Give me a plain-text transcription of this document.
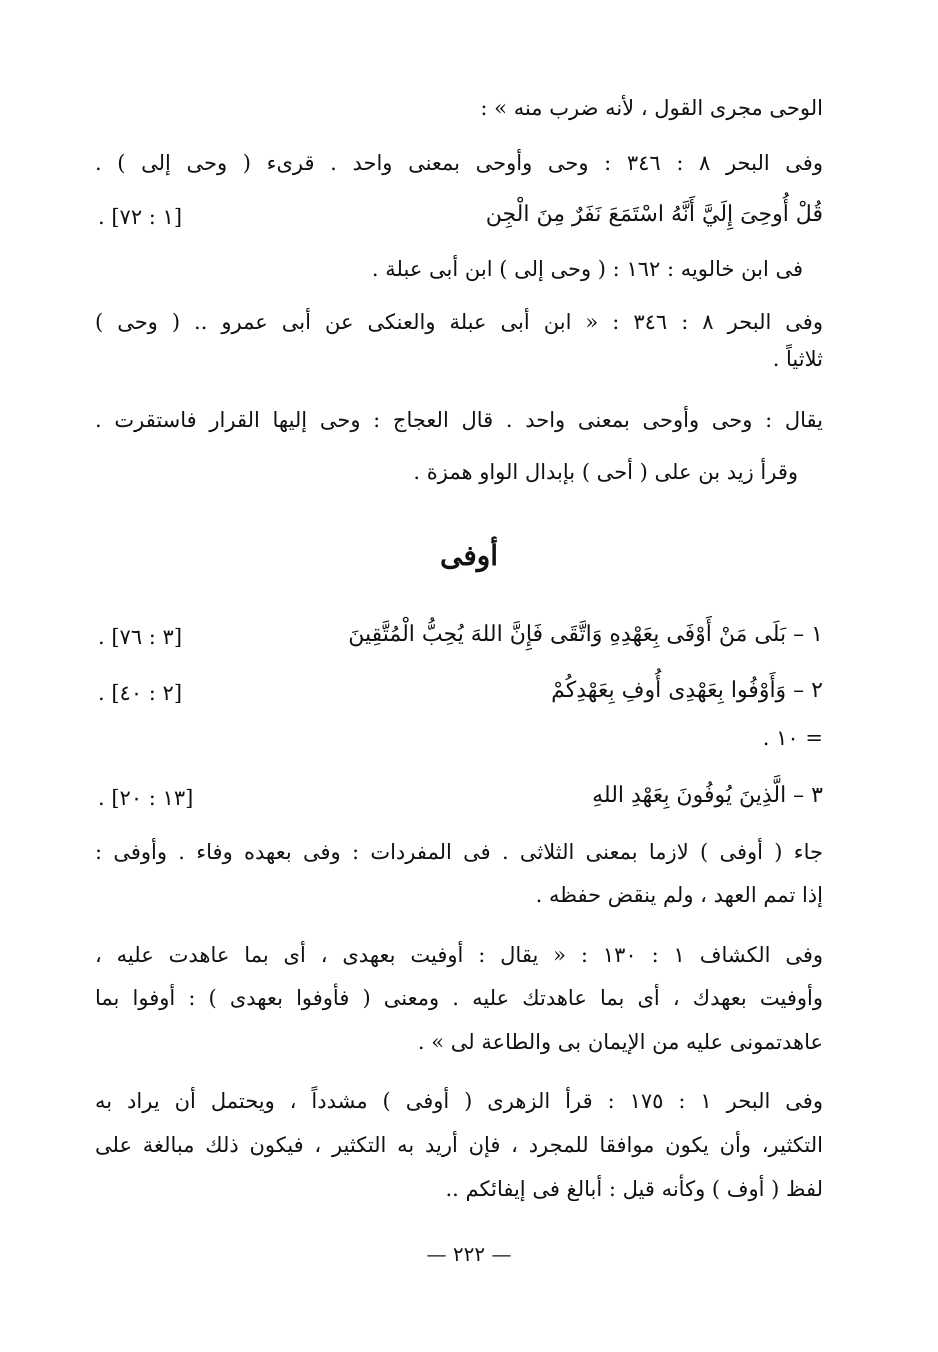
الوحى مجرى القول ، لأنه ضرب منه » :
وفى البحر ٨ : ٣٤٦ : وحى وأوحى بمعنى واحد . قرىء ( وحى إلى ) .
قُلْ أُوحِىَ إِلَيَّ أَنَّهُ اسْتَمَعَ نَفَرٌ مِنَ الْجِن
. [١ : ٧٢]
فى ابن خالويه : ١٦٢ : ( وحى إلى ) ابن أبى عبلة .
وفى البحر ٨ : ٣٤٦ : « ابن أبى عبلة والعنكى عن أبى عمرو .. ( وحى )
ثلاثياً .
يقال : وحى وأوحى بمعنى واحد . قال العجاج : وحى إليها القرار فاستقرت .
وقرأ زيد بن على ( أحى ) بإبدال الواو همزة .
أوفى
١ – بَلَى مَنْ أَوْفَى بِعَهْدِهِ وَاتَّقَى فَإِنَّ اللهَ يُحِبُّ الْمُتَّقِينَ
. [٣ : ٧٦]
٢ – وَأَوْفُوا بِعَهْدِى أُوفِ بِعَهْدِكُمْ
. [٢ : ٤٠]
= ١٠ .
٣ – الَّذِينَ يُوفُونَ بِعَهْدِ اللهِ
. [١٣ : ٢٠]
جاء ( أوفى ) لازما بمعنى الثلاثى . فى المفردات : وفى بعهده وفاء . وأوفى :
إذا تمم العهد ، ولم ينقض حفظه .
وفى الكشاف ١ : ١٣٠ : « يقال : أوفيت بعهدى ، أى بما عاهدت عليه ،
وأوفيت بعهدك ، أى بما عاهدتك عليه . ومعنى ( فأوفوا بعهدى ) : أوفوا بما
عاهدتمونى عليه من الإيمان بى والطاعة لى » .
وفى البحر ١ : ١٧٥ : قرأ الزهرى ( أوفى ) مشدداً ، ويحتمل أن يراد به
التكثير، وأن يكون موافقا للمجرد ، فإن أريد به التكثير ، فيكون ذلك مبالغة على
لفظ ( أوف ) وكأنه قيل : أبالغ فى إيفائكم ..
— ٢٢٢ —
